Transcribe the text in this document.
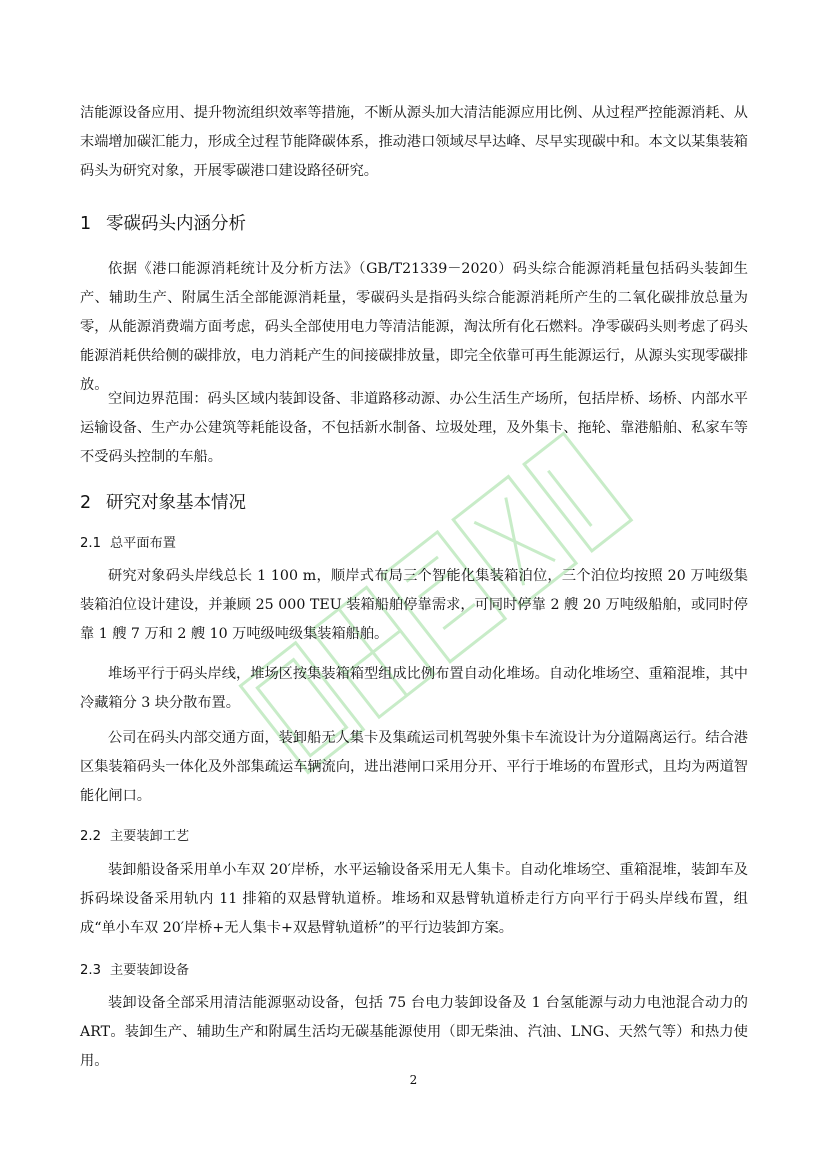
洁能源设备应用、提升物流组织效率等措施，不断从源头加大清洁能源应用比例、从过程严控能源消耗、从末端增加碳汇能力，形成全过程节能降碳体系，推动港口领域尽早达峰、尽早实现碳中和。本文以某集装箱码头为研究对象，开展零碳港口建设路径研究。

1 零碳码头内涵分析

依据《港口能源消耗统计及分析方法》（GB/T21339－2020）码头综合能源消耗量包括码头装卸生产、辅助生产、附属生活全部能源消耗量，零碳码头是指码头综合能源消耗所产生的二氧化碳排放总量为零，从能源消费端方面考虑，码头全部使用电力等清洁能源，淘汰所有化石燃料。净零碳码头则考虑了码头能源消耗供给侧的碳排放，电力消耗产生的间接碳排放量，即完全依靠可再生能源运行，从源头实现零碳排放。

空间边界范围：码头区域内装卸设备、非道路移动源、办公生活生产场所，包括岸桥、场桥、内部水平运输设备、生产办公建筑等耗能设备，不包括新水制备、垃圾处理，及外集卡、拖轮、靠港船舶、私家车等不受码头控制的车船。

2 研究对象基本情况
2.1 总平面布置

研究对象码头岸线总长 1 100 m，顺岸式布局三个智能化集装箱泊位，三个泊位均按照 20 万吨级集装箱泊位设计建设，并兼顾 25 000 TEU 装箱船舶停靠需求，可同时停靠 2 艘 20 万吨级船舶，或同时停靠 1 艘 7 万和 2 艘 10 万吨级吨级集装箱船舶。

堆场平行于码头岸线，堆场区按集装箱箱型组成比例布置自动化堆场。自动化堆场空、重箱混堆，其中冷藏箱分 3 块分散布置。

公司在码头内部交通方面，装卸船无人集卡及集疏运司机驾驶外集卡车流设计为分道隔离运行。结合港区集装箱码头一体化及外部集疏运车辆流向，进出港闸口采用分开、平行于堆场的布置形式，且均为两道智能化闸口。

2.2 主要装卸工艺

装卸船设备采用单小车双 20′岸桥，水平运输设备采用无人集卡。自动化堆场空、重箱混堆，装卸车及拆码垛设备采用轨内 11 排箱的双悬臂轨道桥。堆场和双悬臂轨道桥走行方向平行于码头岸线布置，组成“单小车双 20′岸桥+无人集卡+双悬臂轨道桥”的平行边装卸方案。

2.3 主要装卸设备

装卸设备全部采用清洁能源驱动设备，包括 75 台电力装卸设备及 1 台氢能源与动力电池混合动力的 ART。装卸生产、辅助生产和附属生活均无碳基能源使用（即无柴油、汽油、LNG、天然气等）和热力使用。

2
